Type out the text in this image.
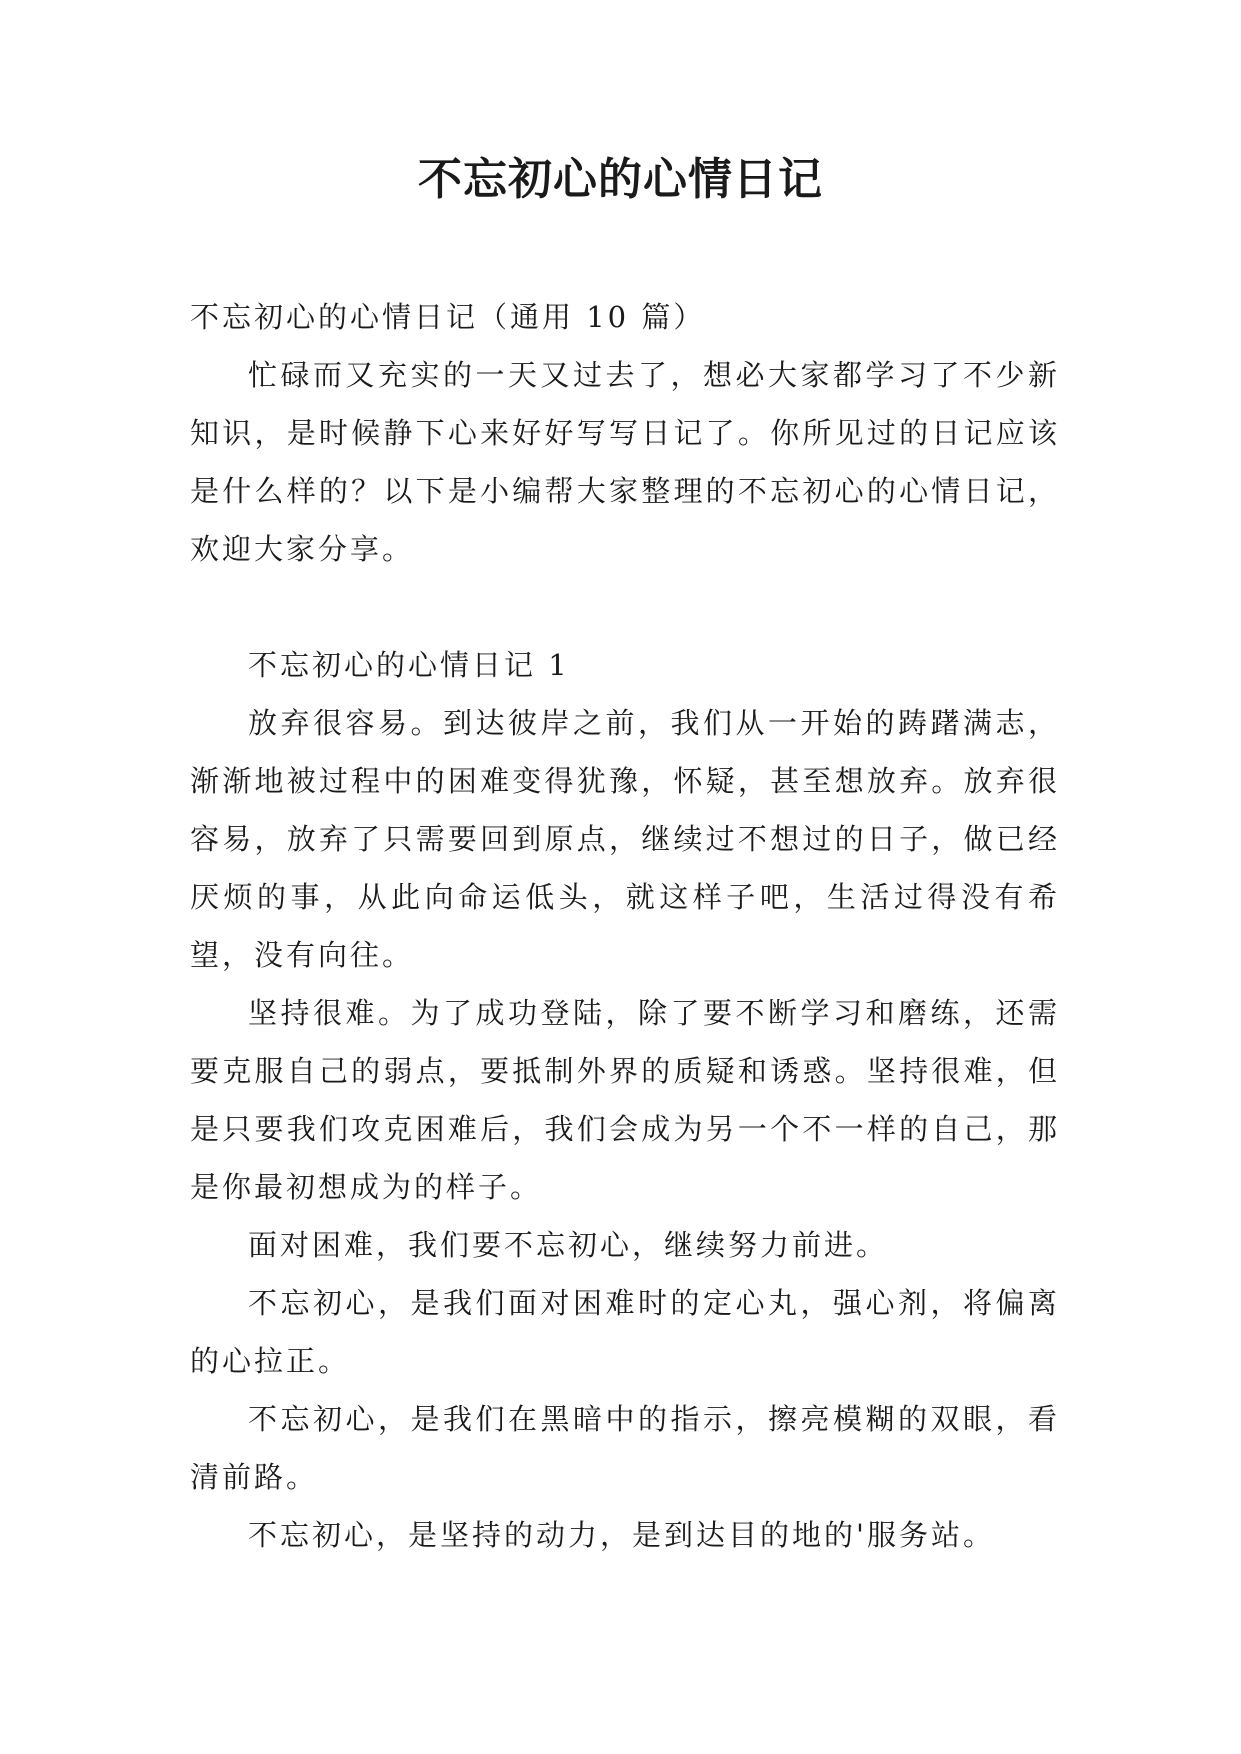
不忘初心的心情日记

不忘初心的心情日记（通用 10 篇）

忙碌而又充实的一天又过去了，想必大家都学习了不少新知识，是时候静下心来好好写写日记了。你所见过的日记应该是什么样的？以下是小编帮大家整理的不忘初心的心情日记，欢迎大家分享。

不忘初心的心情日记 1

放弃很容易。到达彼岸之前，我们从一开始的踌躇满志，渐渐地被过程中的困难变得犹豫，怀疑，甚至想放弃。放弃很容易，放弃了只需要回到原点，继续过不想过的日子，做已经厌烦的事，从此向命运低头，就这样子吧，生活过得没有希望，没有向往。

坚持很难。为了成功登陆，除了要不断学习和磨练，还需要克服自己的弱点，要抵制外界的质疑和诱惑。坚持很难，但是只要我们攻克困难后，我们会成为另一个不一样的自己，那是你最初想成为的样子。

面对困难，我们要不忘初心，继续努力前进。

不忘初心，是我们面对困难时的定心丸，强心剂，将偏离的心拉正。

不忘初心，是我们在黑暗中的指示，擦亮模糊的双眼，看清前路。

不忘初心，是坚持的动力，是到达目的地的'服务站。
